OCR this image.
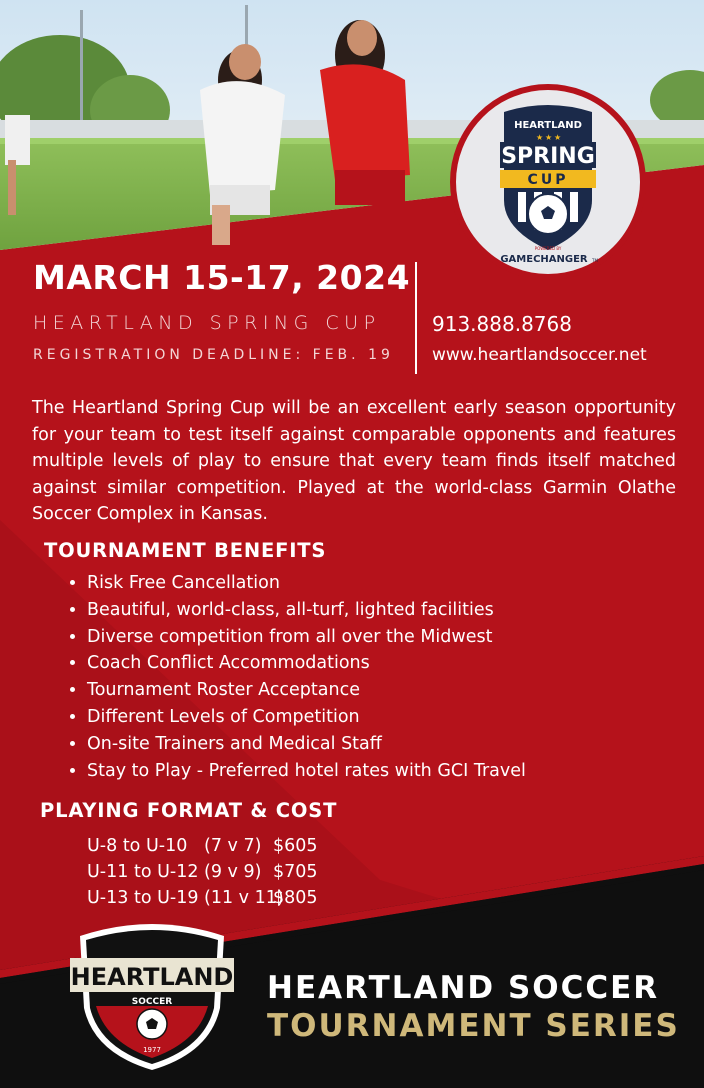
HEARTLAND
★ ★ ★
SPRING
CUP
POWERED BY
GAMECHANGER TM
MARCH 15-17, 2024
HEARTLAND SPRING CUP
REGISTRATION DEADLINE: FEB. 19
913.888.8768
www.heartlandsoccer.net
The Heartland Spring Cup will be an excellent early season opportunity for your team to test itself against comparable opponents and features multiple levels of play to ensure that every team finds itself matched against similar competition. Played at the world-class Garmin Olathe Soccer Complex in Kansas.
TOURNAMENT BENEFITS
• Risk Free Cancellation
• Beautiful, world-class, all-turf, lighted facilities
• Diverse competition from all over the Midwest
• Coach Conflict Accommodations
• Tournament Roster Acceptance
• Different Levels of Competition
• On-site Trainers and Medical Staff
• Stay to Play - Preferred hotel rates with GCI Travel
PLAYING FORMAT & COST
U-8 to U-10 (7 v 7) $605
U-11 to U-12 (9 v 9) $705
U-13 to U-19 (11 v 11)
$805
HEARTLAND
SOCCER
1977
HEARTLAND SOCCER
TOURNAMENT SERIES
